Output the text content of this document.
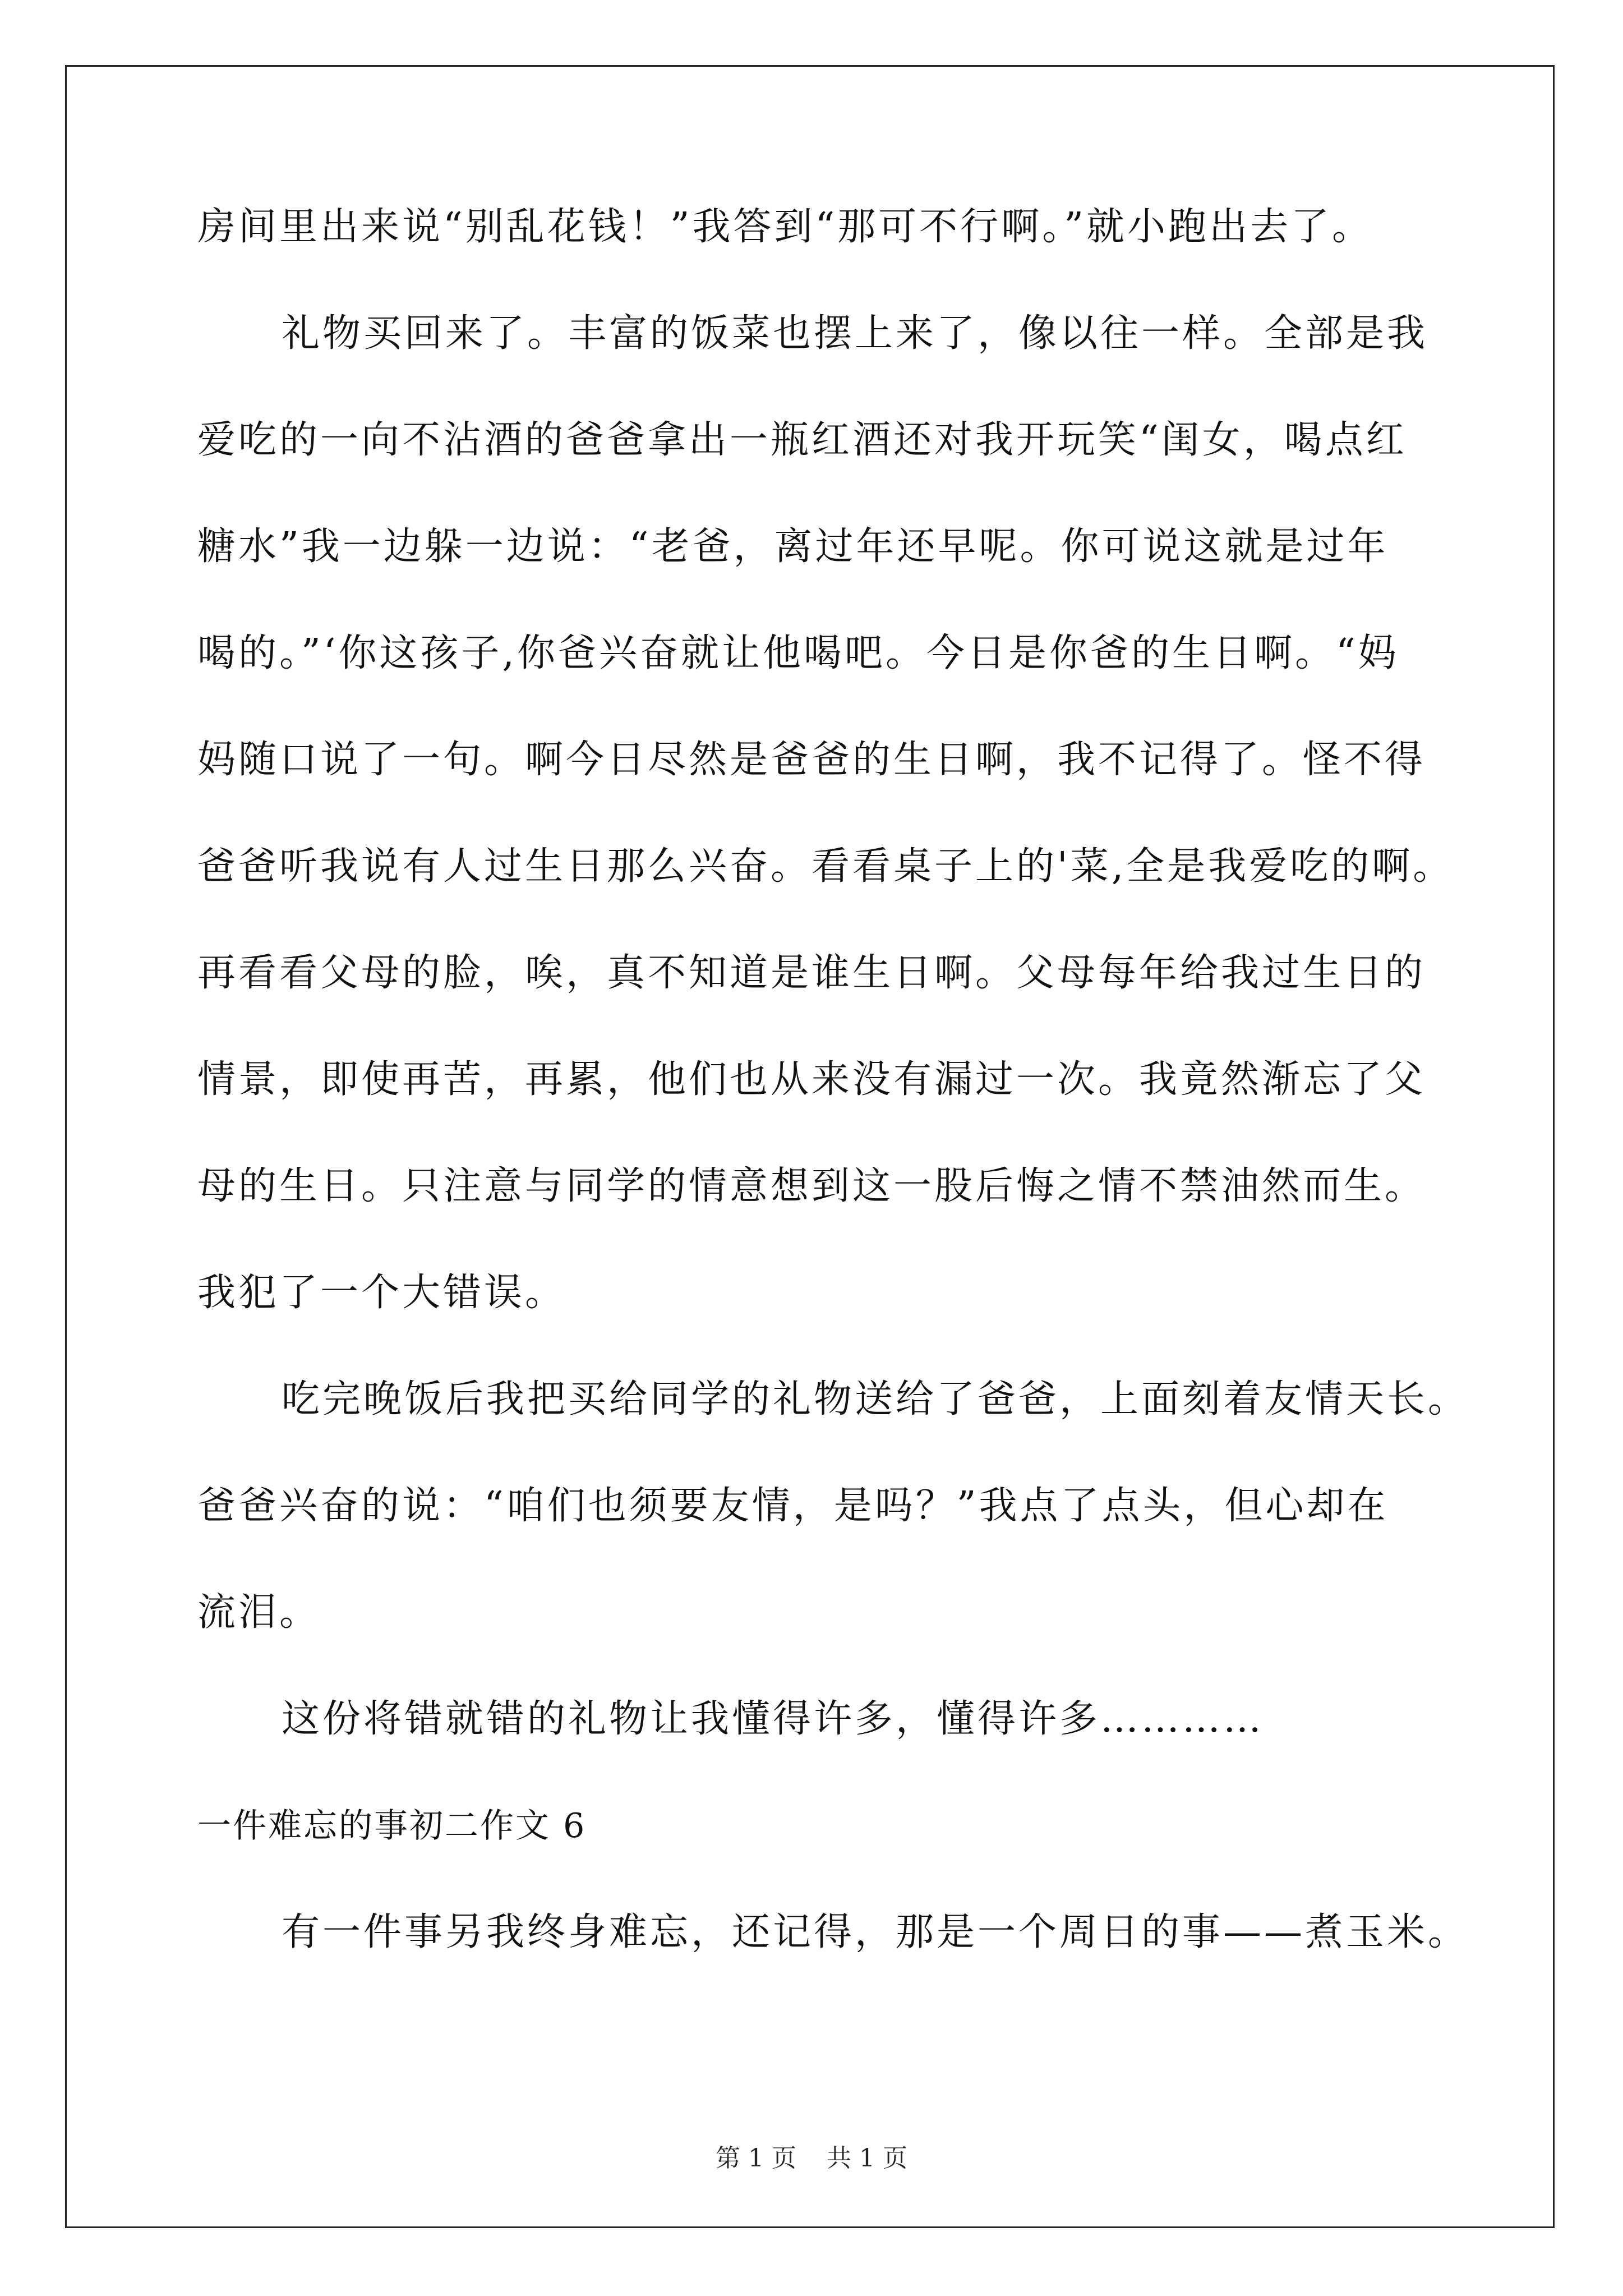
房间里出来说“别乱花钱！”我答到“那可不行啊。”就小跑出去了。
礼物买回来了。丰富的饭菜也摆上来了，像以往一样。全部是我
爱吃的一向不沾酒的爸爸拿出一瓶红酒还对我开玩笑“闺女，喝点红
糖水”我一边躲一边说：“老爸，离过年还早呢。你可说这就是过年
喝的。”‘你这孩子,你爸兴奋就让他喝吧。今日是你爸的生日啊。“妈
妈随口说了一句。啊今日尽然是爸爸的生日啊，我不记得了。怪不得
爸爸听我说有人过生日那么兴奋。看看桌子上的'菜,全是我爱吃的啊。
再看看父母的脸，唉，真不知道是谁生日啊。父母每年给我过生日的
情景，即使再苦，再累，他们也从来没有漏过一次。我竟然渐忘了父
母的生日。只注意与同学的情意想到这一股后悔之情不禁油然而生。
我犯了一个大错误。
吃完晚饭后我把买给同学的礼物送给了爸爸，上面刻着友情天长。
爸爸兴奋的说：“咱们也须要友情，是吗？”我点了点头，但心却在
流泪。
这份将错就错的礼物让我懂得许多，懂得许多…………
一件难忘的事初二作文 6
有一件事另我终身难忘，还记得，那是一个周日的事——煮玉米。
第 1 页 共 1 页
